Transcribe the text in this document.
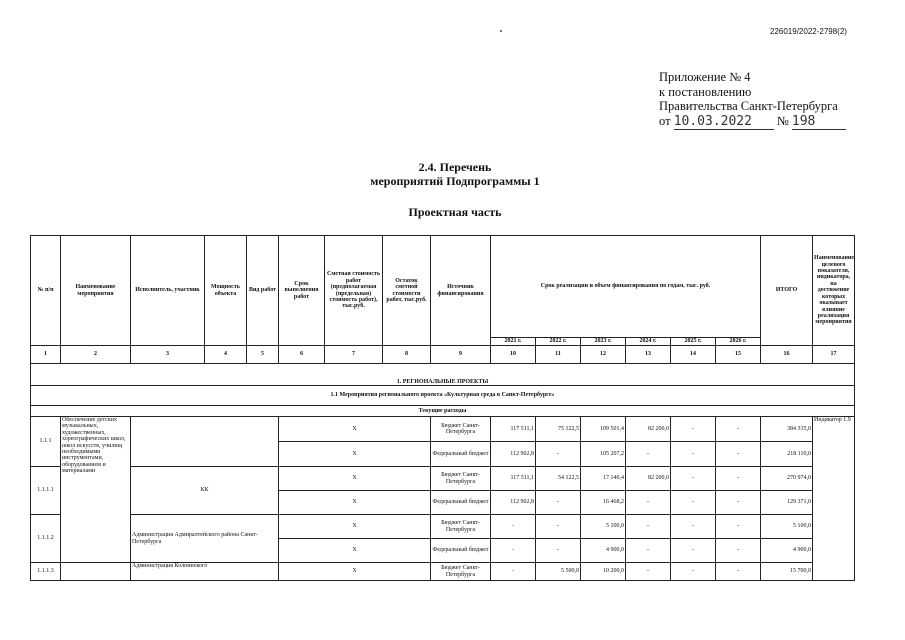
226019/2022-2798(2)
Приложение № 4
к постановлению
Правительства Санкт-Петербурга
от 10.03.2022 № 198
2.4. Перечень
мероприятий Подпрограммы 1
Проектная часть
№ п/п	Наименование мероприятия	Исполнитель, участник	Мощность объекта	Вид работ	Срок выполнения работ	Сметная стоимость работ (предполагаемая (предельная) стоимость работ), тыс.руб.	Остаток сметной стоимости работ, тыс.руб.	Источник финансирования	Срок реализации и объем финансирования по годам, тыс. руб.						ИТОГО	Наименование целевого показателя, индикатора, на достижение которых оказывает влияние реализация мероприятия
									2021 г.	2022 г.	2023 г.	2024 г.	2025 г.	2026 г.		
1	2	3	4	5	6	7	8	9	10	11	12	13	14	15	16	17
1. РЕГИОНАЛЬНЫЕ ПРОЕКТЫ																
1.1 Мероприятия регионального проекта «Культурная среда в Санкт-Петербурге»																
Текущие расходы																
1.1.1	Обеспечение детских музыкальных, художественных, хореографических школ, школ искусств, училищ необходимыми инструментами, оборудованием и материалами				X			Бюджет Санкт-Петербурга	117 511,1	75 122,5	109 501,4	82 200,0	-	-	384 335,0	Индикатор 1.9
					X			Федеральный бюджет	112 902,8	-	105 207,2	-	-	-	218 110,0	
1.1.1.1		КК			X			Бюджет Санкт-Петербурга	117 511,1	54 122,5	17 140,4	82 200,0	-	-	270 974,0	
					X			Федеральный бюджет	112 902,8	-	16 468,2	-	-	-	129 371,0	
1.1.1.2		Администрация Адмиралтейского района Санкт-Петербурга			X			Бюджет Санкт-Петербурга	-	-	5 100,0	-	-	-	5 100,0	
					X			Федеральный бюджет	-	-	4 900,0	-	-	-	4 900,0	
1.1.1.3		Администрация Колпинского			X			Бюджет Санкт-Петербурга	-	5 500,0	10 200,0	-	-	-	15 700,0	
